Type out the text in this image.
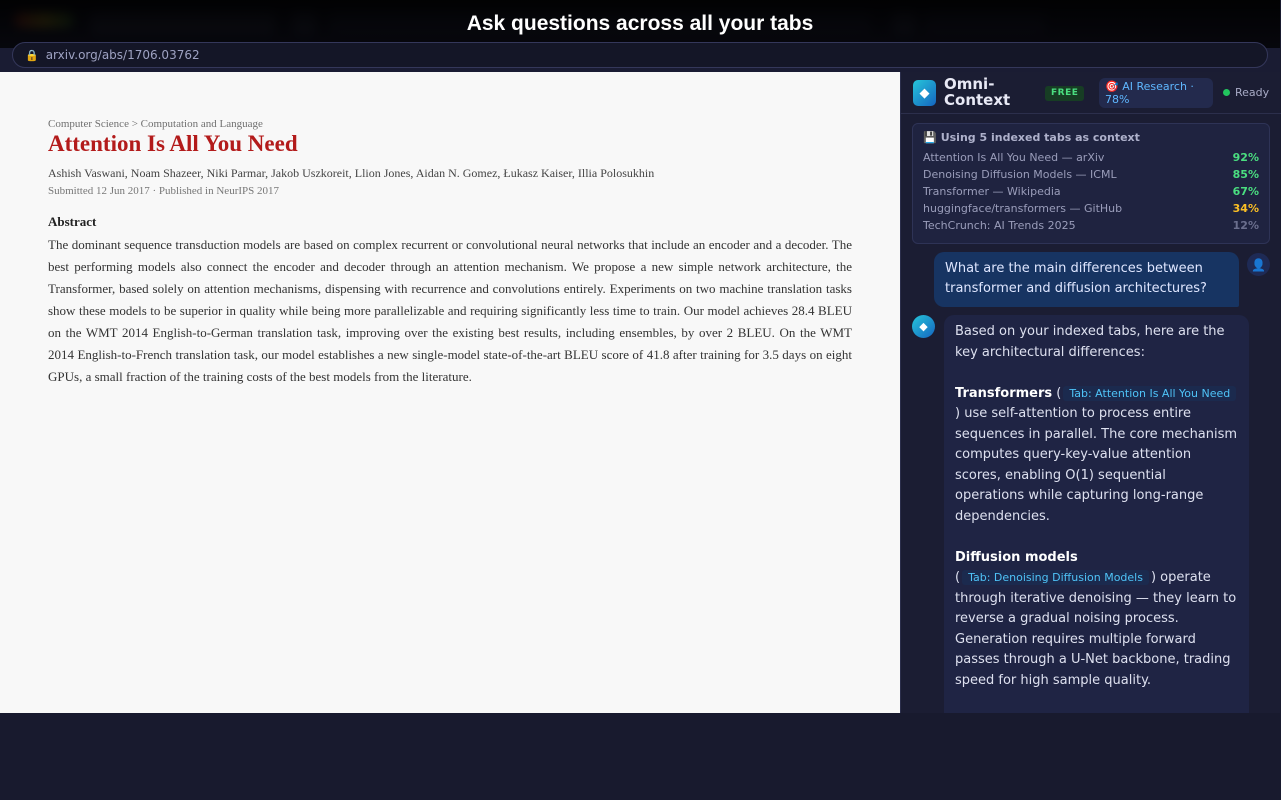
Ask questions across all your tabs
🔒 arxiv.org/abs/1706.03762
Computer Science > Computation and Language
Attention Is All You Need
Ashish Vaswani, Noam Shazeer, Niki Parmar, Jakob Uszkoreit, Llion Jones, Aidan N. Gomez, Łukasz Kaiser, Illia Polosukhin
Submitted 12 Jun 2017 · Published in NeurIPS 2017
Abstract

The dominant sequence transduction models are based on complex recurrent or convolutional neural networks that include an encoder and a decoder. The best performing models also connect the encoder and decoder through an attention mechanism. We propose a new simple network architecture, the Transformer, based solely on attention mechanisms, dispensing with recurrence and convolutions entirely. Experiments on two machine translation tasks show these models to be superior in quality while being more parallelizable and requiring significantly less time to train. Our model achieves 28.4 BLEU on the WMT 2014 English-to-German translation task, improving over the existing best results, including ensembles, by over 2 BLEU. On the WMT 2014 English-to-French translation task, our model establishes a new single-model state-of-the-art BLEU score of 41.8 after training for 3.5 days on eight GPUs, a small fraction of the training costs of the best models from the literature.

◆ Omni-Context	FREE	🎯 AI Research · 78%
Ready
💾 Using 5 indexed tabs as context
Attention Is All You Need — arXiv	92%
Denoising Diffusion Models — ICML	85%
Transformer — Wikipedia	67%
huggingface/transformers — GitHub	34%
TechCrunch: AI Trends 2025	12%
What are the main differences between transformer and diffusion architectures?
👤
◆	Based on your indexed tabs, here are the key architectural differences:

Transformers ( Tab: Attention Is All You Need) use self-attention to process entire sequences in parallel. The core mechanism computes query-key-value attention scores, enabling O(1) sequential operations while capturing long-range dependencies.

Diffusion models
( Tab: Denoising Diffusion Models ) operate through iterative denoising — they learn to reverse a gradual noising process. Generation requires multiple forward passes through a U-Net backbone, trading speed for high sample quality.
